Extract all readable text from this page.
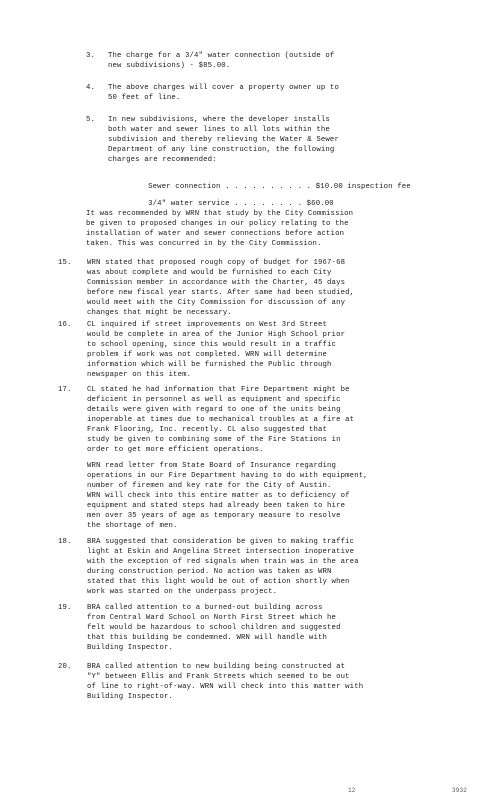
3. The charge for a 3/4" water connection (outside of
new subdivisions) - $85.00.
4. The above charges will cover a property owner up to
50 feet of line.
5. In new subdivisions, where the developer installs
both water and sewer lines to all lots within the
subdivision and thereby relieving the Water & Sewer
Department of any line construction, the following
charges are recommended:

Sewer connection . . . . . . . . . . $10.00 inspection fee

3/4" water service . . . . . . . . $60.00

It was recommended by WRN that study by the City Commission
be given to proposed changes in our policy relating to the
installation of water and sewer connections before action
taken. This was concurred in by the City Commission.
15. WRN stated that proposed rough copy of budget for 1967-68
was about complete and would be furnished to each City
Commission member in accordance with the Charter, 45 days
before new fiscal year starts. After same had been studied,
would meet with the City Commission for discussion of any
changes that might be necessary.
16. CL inquired if street improvements on West 3rd Street
would be complete in area of the Junior High School prior
to school opening, since this would result in a traffic
problem if work was not completed. WRN will determine
information which will be furnished the Public through
newspaper on this item.
17. CL stated he had information that Fire Department might be
deficient in personnel as well as equipment and specific
details were given with regard to one of the units being
inoperable at times due to mechanical troubles at a fire at
Frank Flooring, Inc. recently. CL also suggested that
study be given to combining some of the Fire Stations in
order to get more efficient operations.
WRN read letter from State Board of Insurance regarding
operations in our Fire Department having to do with equipment,
number of firemen and key rate for the City of Austin.
WRN will check into this entire matter as to deficiency of
equipment and stated steps had already been taken to hire
men over 35 years of age as temporary measure to resolve
the shortage of men.
18. BRA suggested that consideration be given to making traffic
light at Eskin and Angelina Street intersection inoperative
with the exception of red signals when train was in the area
during construction period. No action was taken as WRN
stated that this light would be out of action shortly when
work was started on the underpass project.
19. BRA called attention to a burned-out building across
from Central Ward School on North First Street which he
felt would be hazardous to school children and suggested
that this building be condemned. WRN will handle with
Building Inspector.
20. BRA called attention to new building being constructed at
"Y" between Ellis and Frank Streets which seemed to be out
of line to right-of-way. WRN will check into this matter with
Building Inspector.
12	3932
